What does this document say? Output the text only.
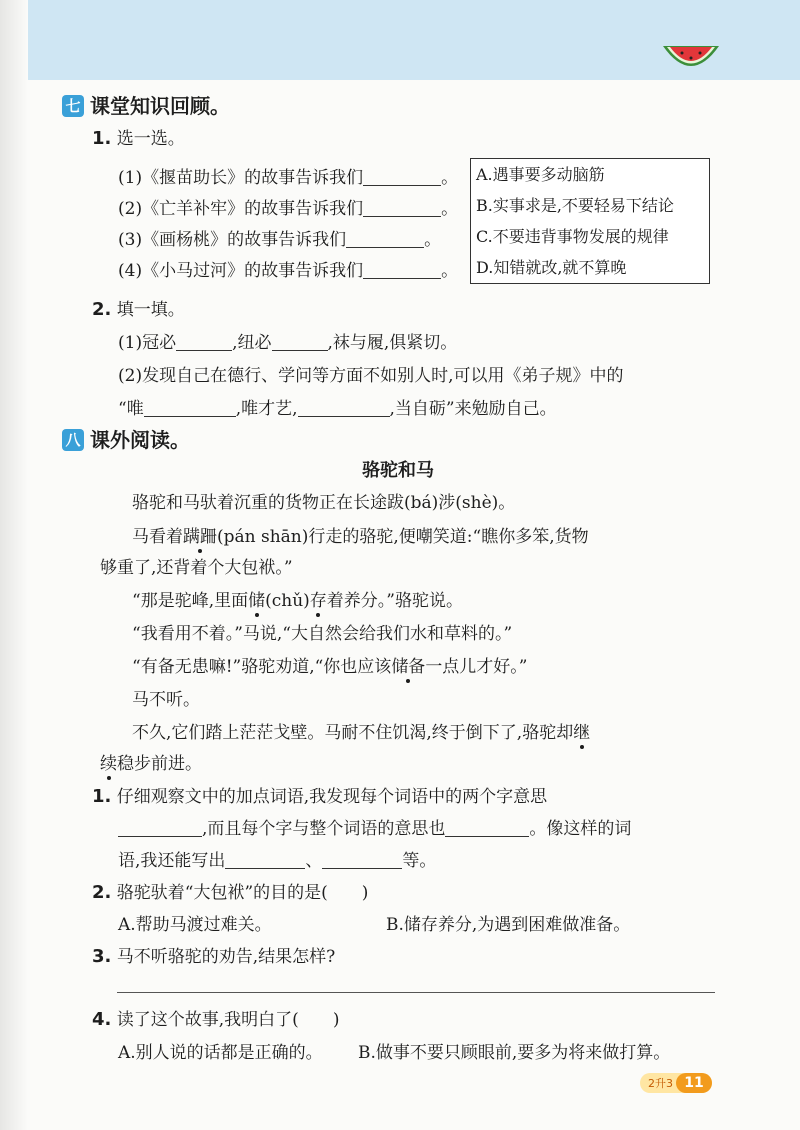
七 课堂知识回顾。
1. 选一选。
(1)《揠苗助长》的故事告诉我们	。
(2)《亡羊补牢》的故事告诉我们	。
(3)《画杨桃》的故事告诉我们	。
(4)《小马过河》的故事告诉我们	。
A.遇事要多动脑筋
B.实事求是,不要轻易下结论
C.不要违背事物发展的规律
D.知错就改,就不算晚
2. 填一填。
(1)冠必	,纽必	,袜与履,俱紧切。
(2)发现自己在德行、学问等方面不如别人时,可以用《弟子规》中的
“唯	,唯才艺,	,当自砺”来勉励自己。
八 课外阅读。
骆驼和马
骆驼和马驮着沉重的货物正在长途跋(bá)涉(shè)。
马看着蹒跚(pán shān)行走的骆驼,便嘲笑道:“瞧你多笨,货物
够重了,还背着个大包袱。”
“那是驼峰,里面储(chǔ)存着养分。”骆驼说。
“我看用不着。”马说,“大自然会给我们水和草料的。”
“有备无患嘛!”骆驼劝道,“你也应该储备一点儿才好。”
马不听。
不久,它们踏上茫茫戈壁。马耐不住饥渴,终于倒下了,骆驼却继
续稳步前进。
1. 仔细观察文中的加点词语,我发现每个词语中的两个字意思
,而且每个字与整个词语的意思也	。像这样的词
语,我还能写出	、	等。
2. 骆驼驮着“大包袱”的目的是(　　)
A.帮助马渡过难关。	B.储存养分,为遇到困难做准备。
3. 马不听骆驼的劝告,结果怎样?
4. 读了这个故事,我明白了(　　)
A.别人说的话都是正确的。 B.做事不要只顾眼前,要多为将来做打算。
2升3 11
